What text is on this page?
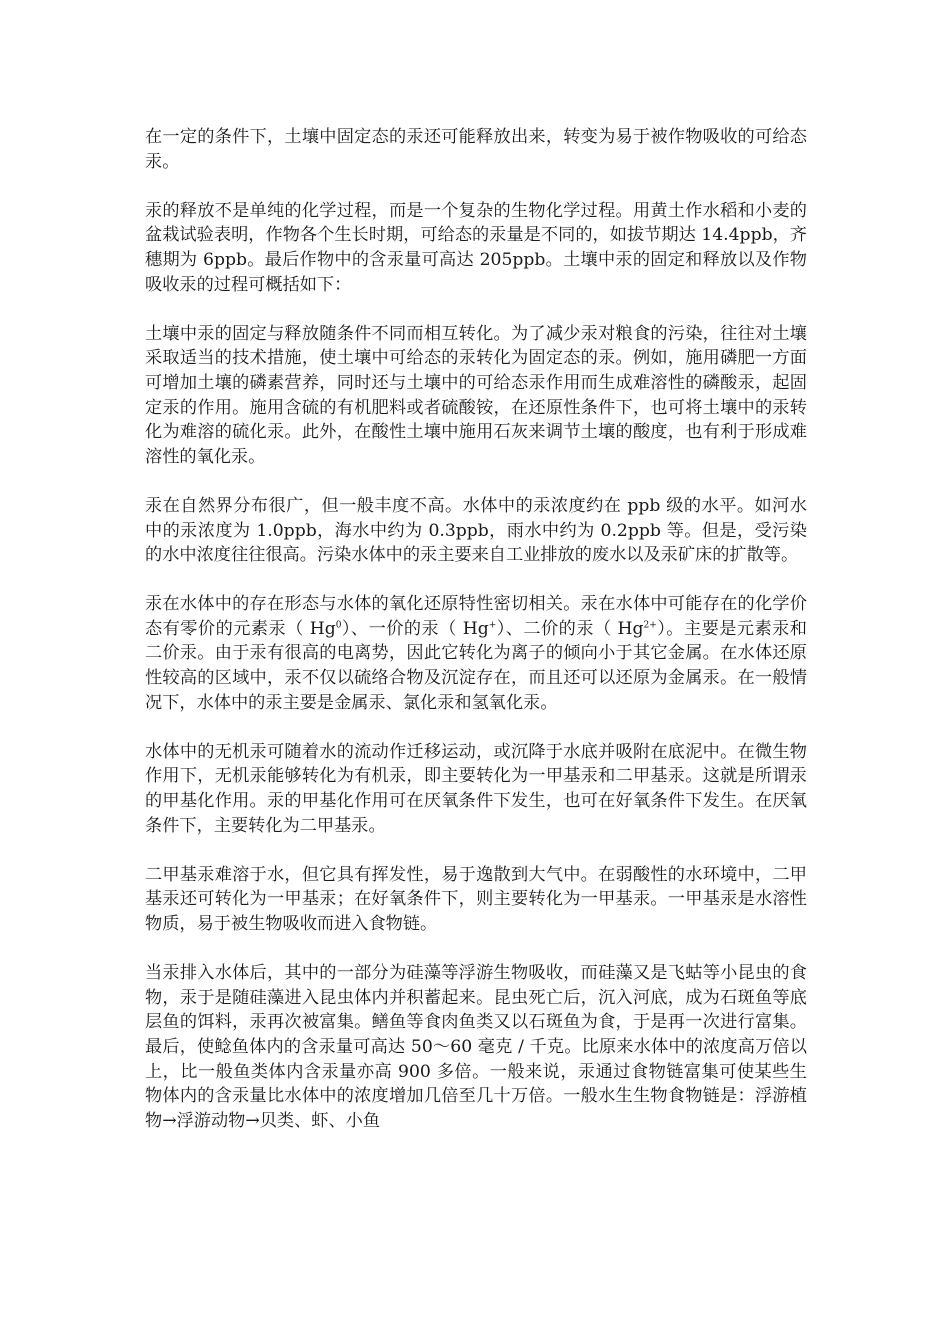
在一定的条件下，土壤中固定态的汞还可能释放出来，转变为易于被作物吸收的可给态汞。

汞的释放不是单纯的化学过程，而是一个复杂的生物化学过程。用黄土作水稻和小麦的盆栽试验表明，作物各个生长时期，可给态的汞量是不同的，如拔节期达 14.4ppb，齐穗期为 6ppb。最后作物中的含汞量可高达 205ppb。土壤中汞的固定和释放以及作物吸收汞的过程可概括如下：

土壤中汞的固定与释放随条件不同而相互转化。为了减少汞对粮食的污染，往往对土壤采取适当的技术措施，使土壤中可给态的汞转化为固定态的汞。例如，施用磷肥一方面可增加土壤的磷素营养，同时还与土壤中的可给态汞作用而生成难溶性的磷酸汞，起固定汞的作用。施用含硫的有机肥料或者硫酸铵，在还原性条件下，也可将土壤中的汞转化为难溶的硫化汞。此外，在酸性土壤中施用石灰来调节土壤的酸度，也有利于形成难溶性的氧化汞。

汞在自然界分布很广，但一般丰度不高。水体中的汞浓度约在 ppb 级的水平。如河水中的汞浓度为 1.0ppb，海水中约为 0.3ppb，雨水中约为 0.2ppb 等。但是，受污染的水中浓度往往很高。污染水体中的汞主要来自工业排放的废水以及汞矿床的扩散等。

汞在水体中的存在形态与水体的氧化还原特性密切相关。汞在水体中可能存在的化学价态有零价的元素汞（ Hg$^0$）、一价的汞（ Hg+）、二价的汞（ $Hg^{2+}$）。主要是元素汞和二价汞。由于汞有很高的电离势，因此它转化为离子的倾向小于其它金属。在水体还原性较高的区域中，汞不仅以硫络合物及沉淀存在，而且还可以还原为金属汞。在一般情况下，水体中的汞主要是金属汞、氯化汞和氢氧化汞。

水体中的无机汞可随着水的流动作迁移运动，或沉降于水底并吸附在底泥中。在微生物作用下，无机汞能够转化为有机汞，即主要转化为一甲基汞和二甲基汞。这就是所谓汞的甲基化作用。汞的甲基化作用可在厌氧条件下发生，也可在好氧条件下发生。在厌氧条件下，主要转化为二甲基汞。

二甲基汞难溶于水，但它具有挥发性，易于逸散到大气中。在弱酸性的水环境中，二甲基汞还可转化为一甲基汞；在好氧条件下，则主要转化为一甲基汞。一甲基汞是水溶性物质，易于被生物吸收而进入食物链。

当汞排入水体后，其中的一部分为硅藻等浮游生物吸收，而硅藻又是飞蛄等小昆虫的食物，汞于是随硅藻进入昆虫体内并积蓄起来。昆虫死亡后，沉入河底，成为石斑鱼等底层鱼的饵料，汞再次被富集。鳝鱼等食肉鱼类又以石斑鱼为食，于是再一次进行富集。最后，使鲶鱼体内的含汞量可高达 50～60 毫克 / 千克。比原来水体中的浓度高万倍以上，比一般鱼类体内含汞量亦高 900 多倍。一般来说，汞通过食物链富集可使某些生物体内的含汞量比水体中的浓度增加几倍至几十万倍。一般水生生物食物链是：浮游植物→浮游动物→贝类、虾、小鱼
